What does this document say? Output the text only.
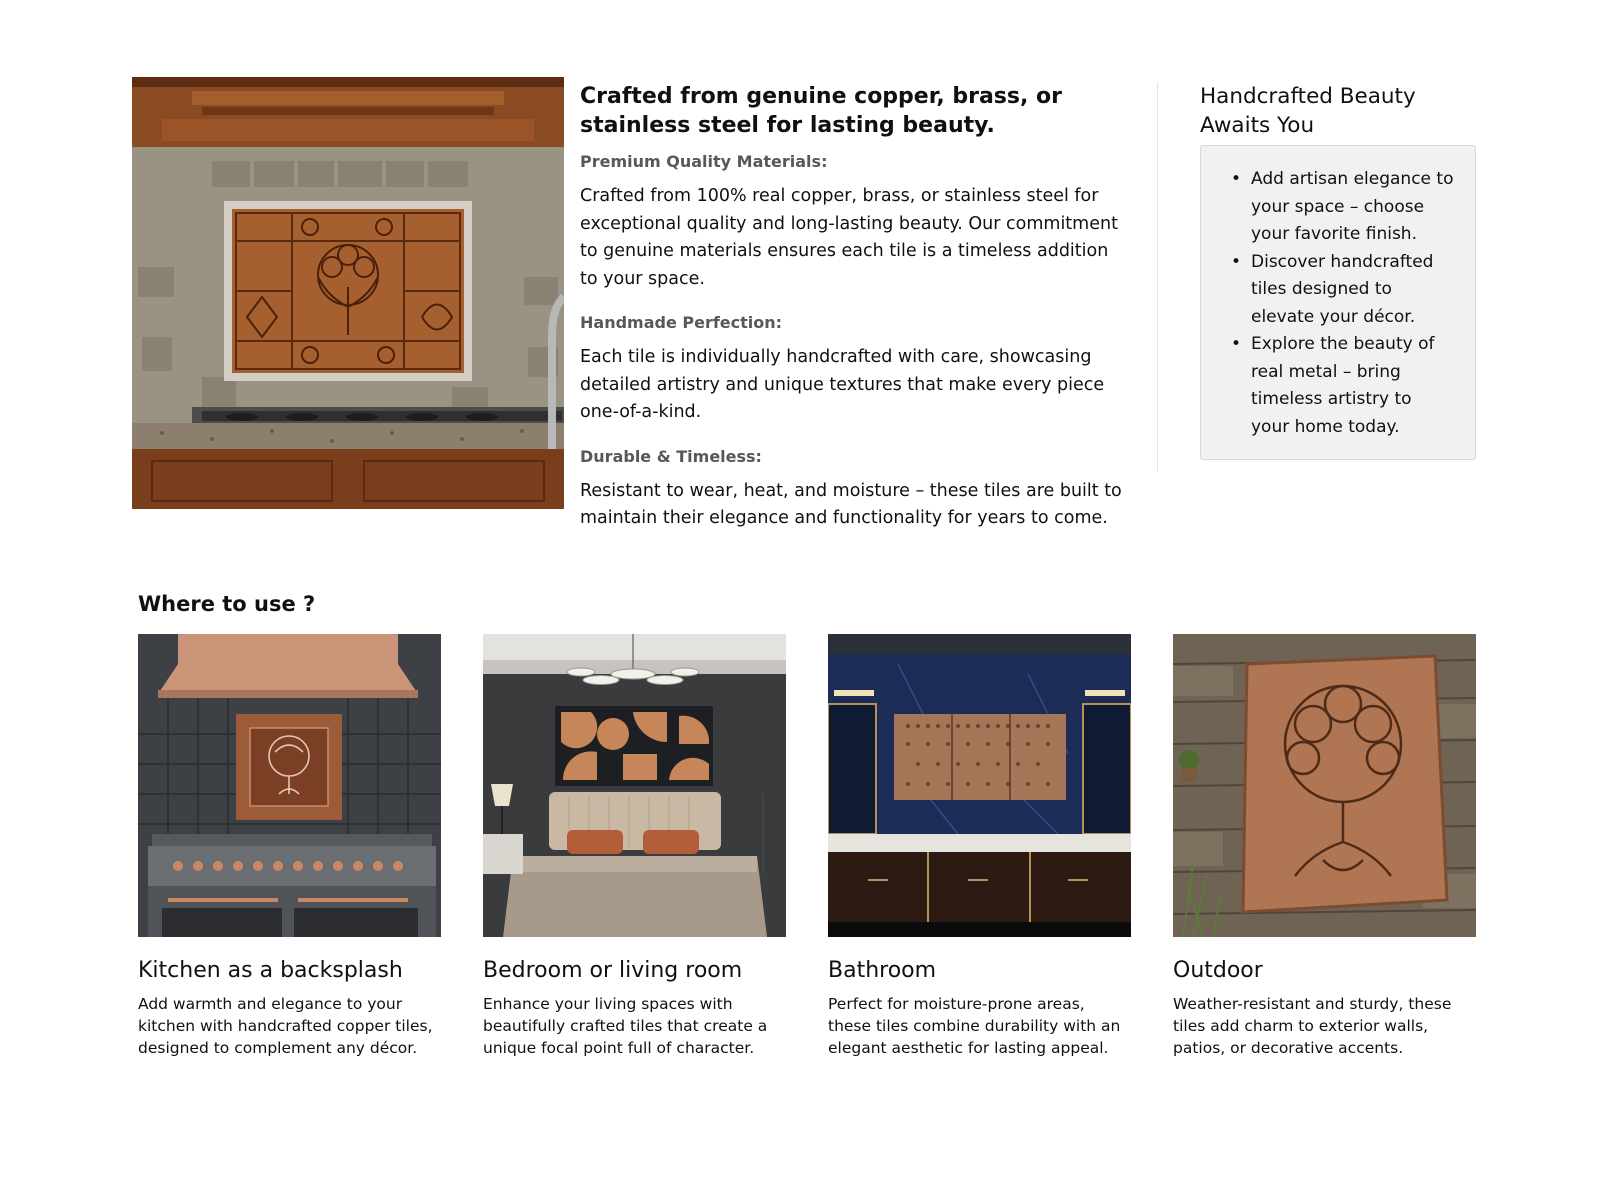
Crafted from genuine copper, brass, or stainless steel for lasting beauty.
Premium Quality Materials:

Crafted from 100% real copper, brass, or stainless steel for exceptional quality and long-lasting beauty. Our commitment to genuine materials ensures each tile is a timeless addition to your space.

Handmade Perfection:

Each tile is individually handcrafted with care, showcasing detailed artistry and unique textures that make every piece one-of-a-kind.

Durable & Timeless:

Resistant to wear, heat, and moisture – these tiles are built to maintain their elegance and functionality for years to come.

Handcrafted Beauty Awaits You
• Add artisan elegance to your space – choose your favorite finish.
• Discover handcrafted tiles designed to elevate your décor.
• Explore the beauty of real metal – bring timeless artistry to your home today.
Where to use ?
Kitchen as a backsplash

Add warmth and elegance to your kitchen with handcrafted copper tiles, designed to complement any décor.

Bedroom or living room

Enhance your living spaces with beautifully crafted tiles that create a unique focal point full of character.

Bathroom

Perfect for moisture-prone areas, these tiles combine durability with an elegant aesthetic for lasting appeal.

Outdoor

Weather-resistant and sturdy, these tiles add charm to exterior walls, patios, or decorative accents.
